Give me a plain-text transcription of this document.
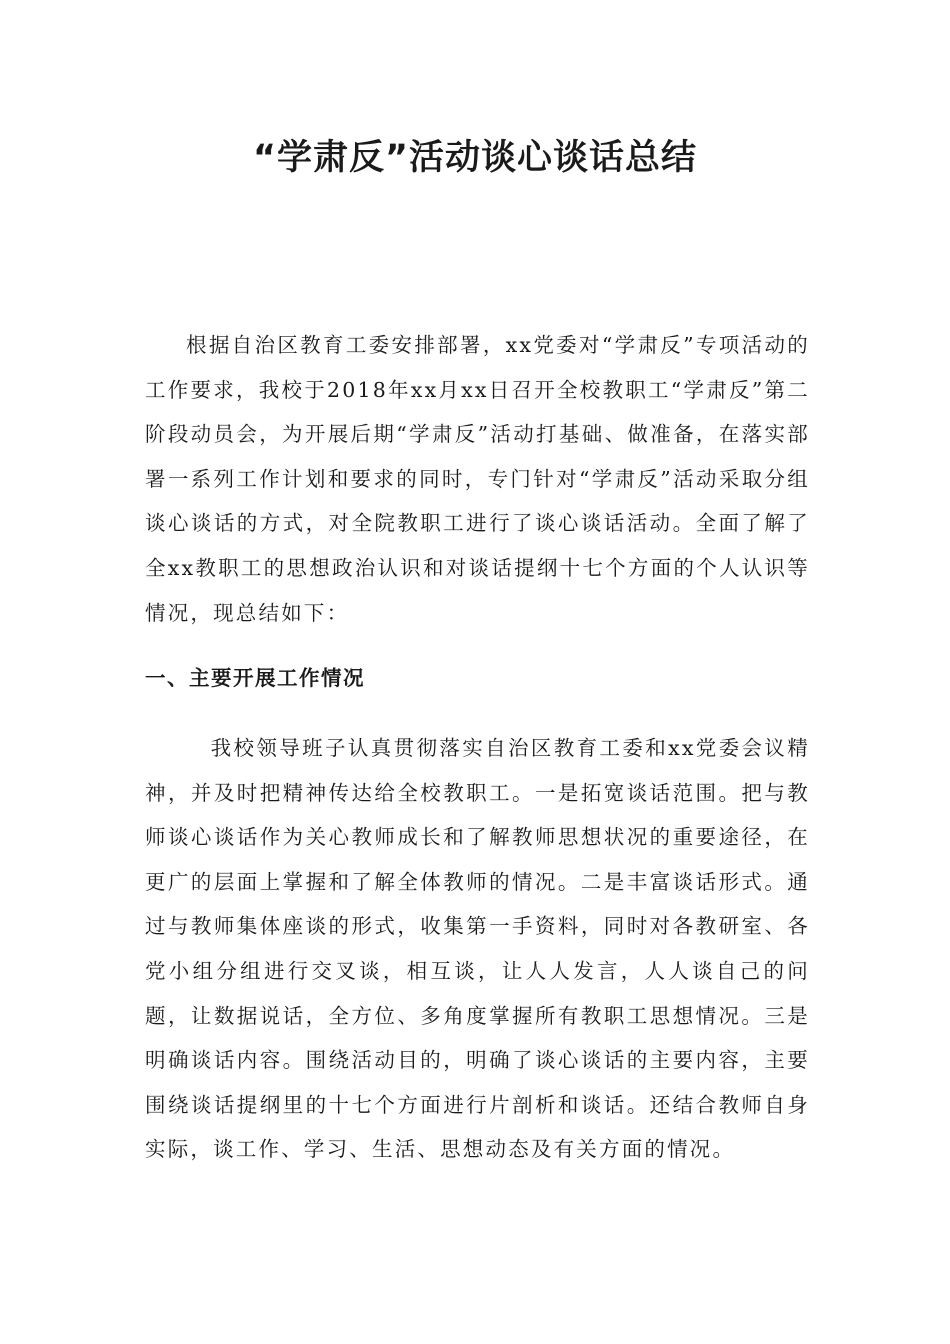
“学肃反”活动谈心谈话总结

根据自治区教育工委安排部署，xx党委对“学肃反”专项活动的工作要求，我校于2018年xx月xx日召开全校教职工“学肃反”第二阶段动员会，为开展后期“学肃反”活动打基础、做准备，在落实部署一系列工作计划和要求的同时，专门针对“学肃反”活动采取分组谈心谈话的方式，对全院教职工进行了谈心谈话活动。全面了解了全xx教职工的思想政治认识和对谈话提纲十七个方面的个人认识等情况，现总结如下：

一、主要开展工作情况

我校领导班子认真贯彻落实自治区教育工委和xx党委会议精神，并及时把精神传达给全校教职工。一是拓宽谈话范围。把与教师谈心谈话作为关心教师成长和了解教师思想状况的重要途径，在更广的层面上掌握和了解全体教师的情况。二是丰富谈话形式。通过与教师集体座谈的形式，收集第一手资料，同时对各教研室、各党小组分组进行交叉谈，相互谈，让人人发言，人人谈自己的问题，让数据说话，全方位、多角度掌握所有教职工思想情况。三是明确谈话内容。围绕活动目的，明确了谈心谈话的主要内容，主要围绕谈话提纲里的十七个方面进行片剖析和谈话。还结合教师自身实际，谈工作、学习、生活、思想动态及有关方面的情况。
